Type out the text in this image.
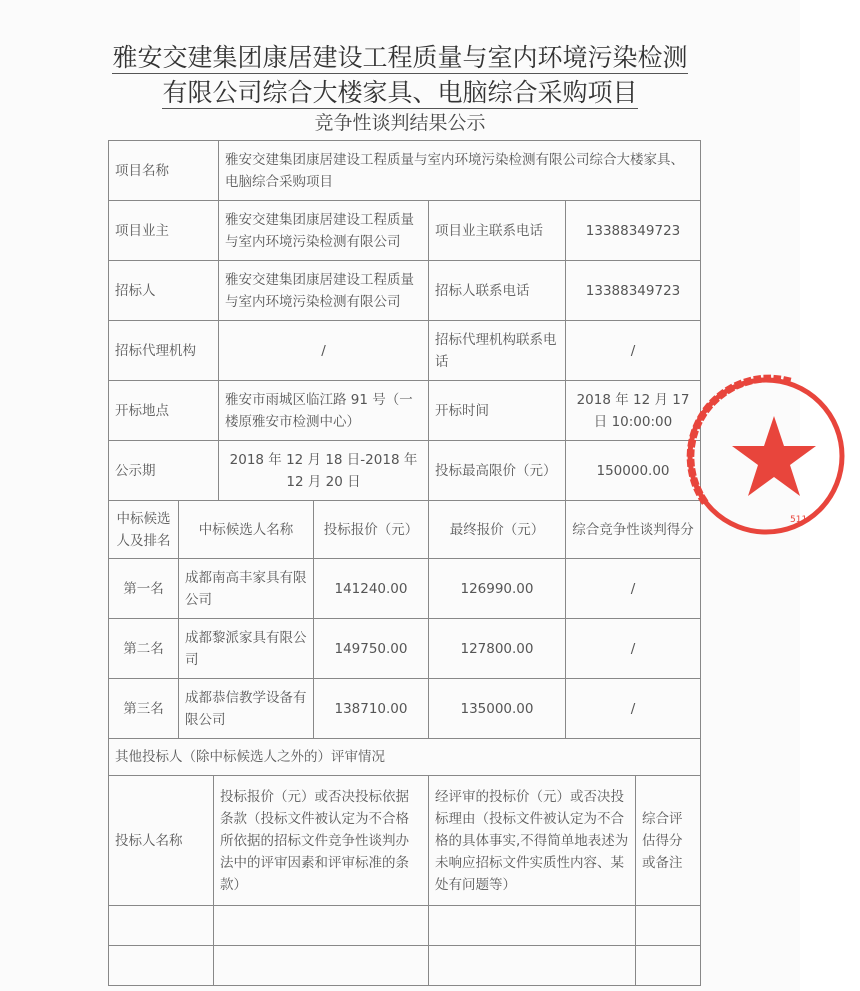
雅安交建集团康居建设工程质量与室内环境污染检测
有限公司综合大楼家具、电脑综合采购项目
竞争性谈判结果公示
项目名称	雅安交建集团康居建设工程质量与室内环境污染检测有限公司综合大楼家具、电脑综合采购项目		
项目业主	雅安交建集团康居建设工程质量与室内环境污染检测有限公司	项目业主联系电话	13388349723
招标人	雅安交建集团康居建设工程质量与室内环境污染检测有限公司	招标人联系电话	13388349723
招标代理机构	/	招标代理机构联系电话	/
开标地点	雅安市雨城区临江路 91 号（一楼原雅安市检测中心）	开标时间	2018 年 12 月 17 日 10:00:00
公示期	2018 年 12 月 18 日-2018 年 12 月 20 日	投标最高限价（元）	150000.00
中标候选人及排名	中标候选人名称	投标报价（元）	最终报价（元）	综合竞争性谈判得分
第一名	成都南高丰家具有限公司	141240.00	126990.00	/
第二名	成都黎派家具有限公司	149750.00	127800.00	/
第三名	成都恭信教学设备有限公司	138710.00	135000.00	/
其他投标人（除中标候选人之外的）评审情况			
投标人名称	投标报价（元）或否决投标依据条款（投标文件被认定为不合格所依据的招标文件竞争性谈判办法中的评审因素和评审标准的条款）	经评审的投标价（元）或否决投标理由（投标文件被认定为不合格的具体事实,不得简单地表述为未响应招标文件实质性内容、某处有问题等）	综合评估得分或备注

■■■■■■■■■■■■■■■■■■■■
511
